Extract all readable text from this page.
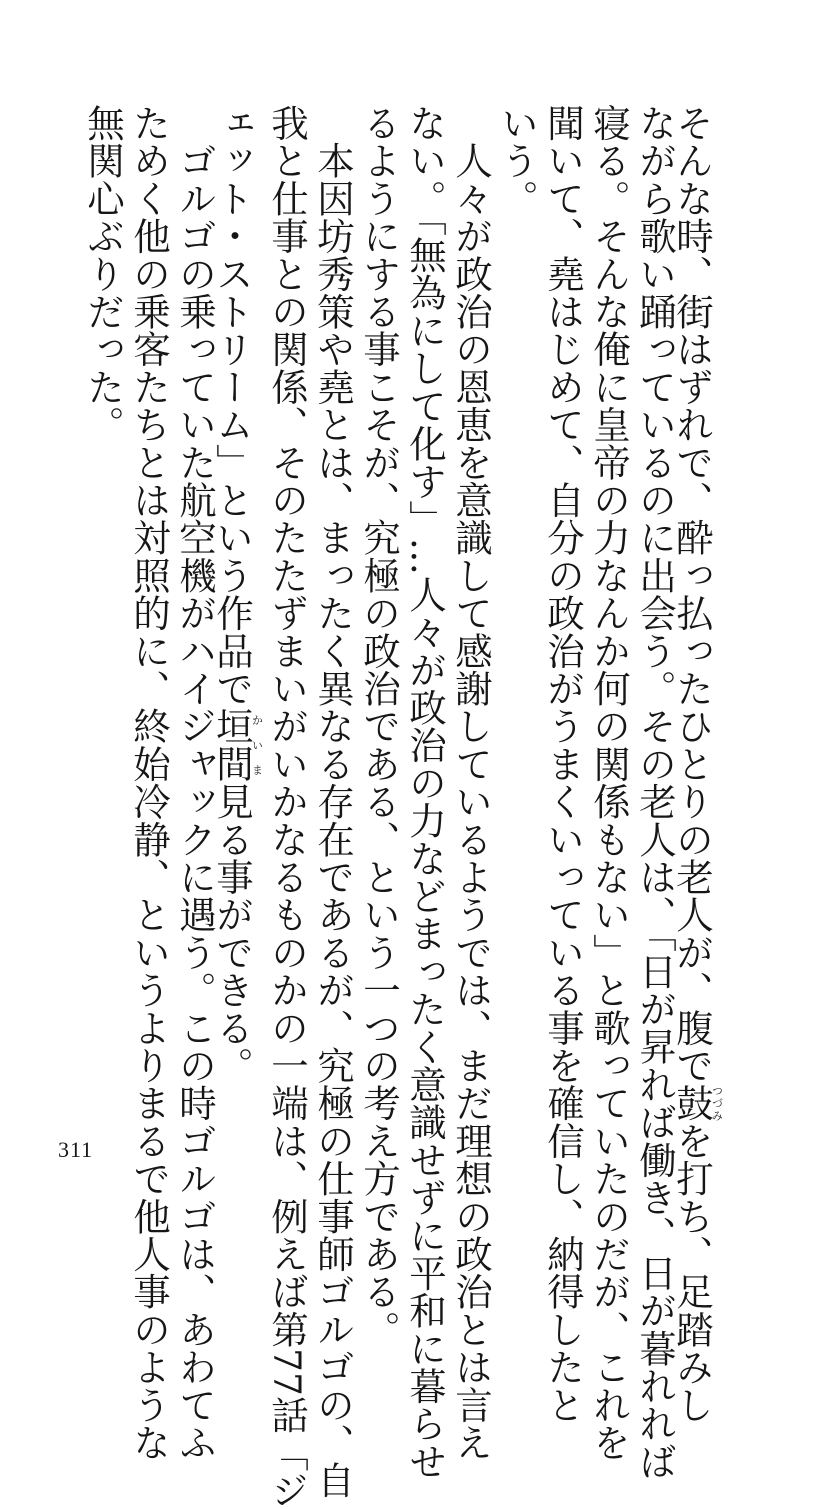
そんな時、街はずれで、酔っ払ったひとりの老人が、腹で鼓つづみを打ち、足踏みし
ながら歌い踊っているのに出会う。その老人は、「日が昇れば働き、日が暮れれば
寝る。そんな俺に皇帝の力なんか何の関係もない」と歌っていたのだが、これを
聞いて、堯はじめて、自分の政治がうまくいっている事を確信し、納得したと
いう。
　人々が政治の恩恵を意識して感謝しているようでは、まだ理想の政治とは言え
ない。「無為にして化す」…人々が政治の力などまったく意識せずに平和に暮らせ
るようにする事こそが、究極の政治である、という一つの考え方である。
　本因坊秀策や堯とは、まったく異なる存在であるが、究極の仕事師ゴルゴの、自
我と仕事との関係、そのたたずまいがいかなるものかの一端は、例えば第77話「ジ
ェット・ストリーム」という作品で垣間かいま見る事ができる。
　ゴルゴの乗っていた航空機がハイジャックに遇う。この時ゴルゴは、あわてふ
ためく他の乗客たちとは対照的に、終始冷静、というよりまるで他人事のような
無関心ぶりだった。
311
